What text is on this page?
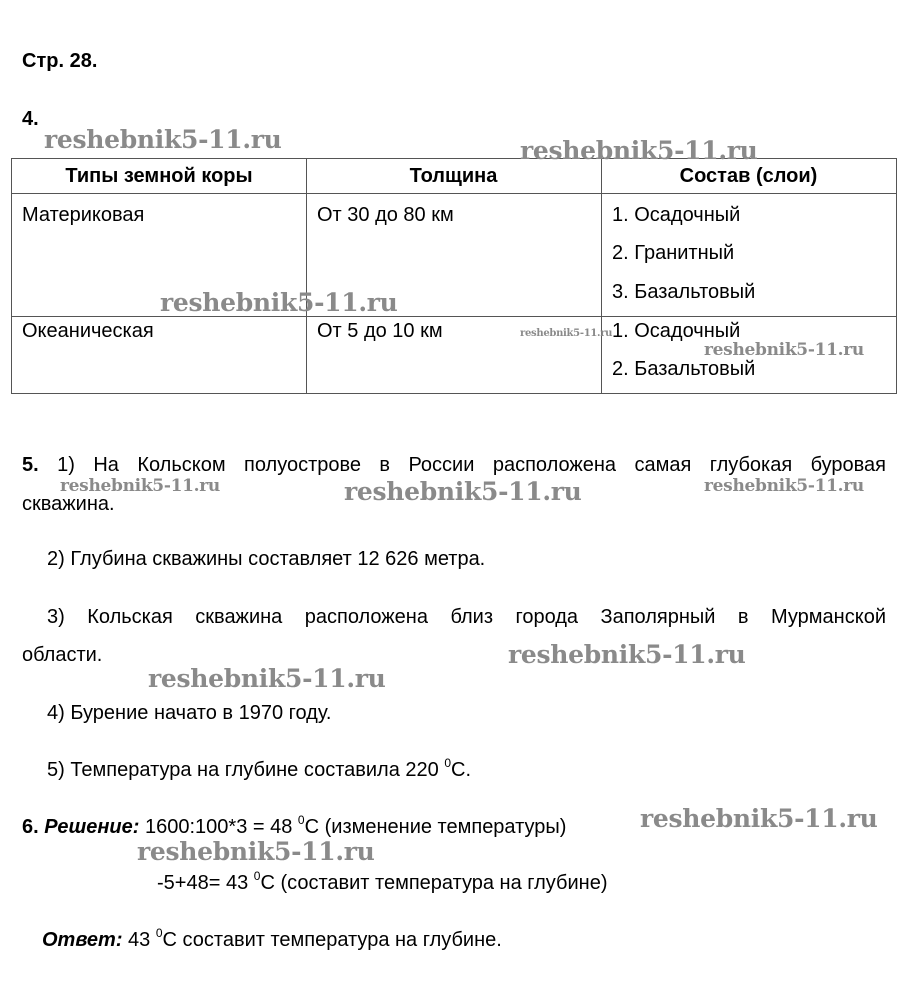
Стр. 28.
4.
Типы земной коры	Толщина	Состав (слои)
Материковая	От 30 до 80 км	1. Осадочный
2. Гранитный
3. Базальтовый
Океаническая	От 5 до 10 км	1. Осадочный
2. Базальтовый
5. 1) На Кольском полуострове в России расположена самая глубокая буровая
скважина.
2) Глубина скважины составляет 12 626 метра.
3) Кольская скважина расположена близ города Заполярный в Мурманской
области.
4) Бурение начато в 1970 году.
5) Температура на глубине составила 220 $^0$С.
6. Решение: 1600:100*3 = 48 $^0$С (изменение температуры)
-5+48= 43 $^0$С (составит температура на глубине)
Ответ: 43 $^0$С составит температура на глубине.
reshebnik5-11.ru	reshebnik5-11.ru
reshebnik5-11.ru
reshebnik5-11.ru
reshebnik5-11.ru
reshebnik5-11.ru	reshebnik5-11.ru	reshebnik5-11.ru
reshebnik5-11.ru
reshebnik5-11.ru
reshebnik5-11.ru
reshebnik5-11.ru
